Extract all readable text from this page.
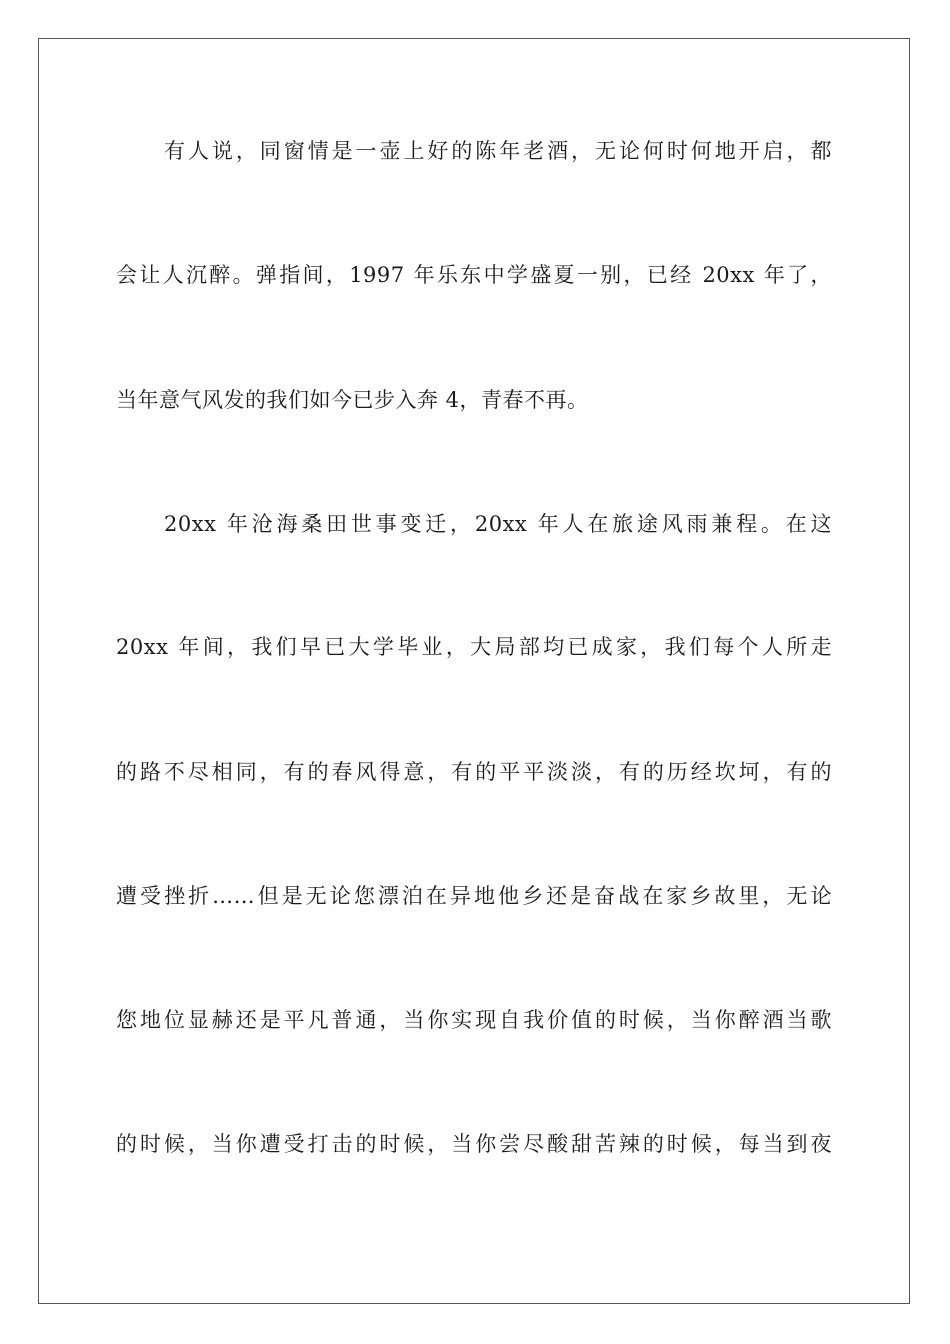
有人说，同窗情是一壶上好的陈年老酒，无论何时何地开启，都
会让人沉醉。弹指间，1997 年乐东中学盛夏一别，已经 20xx 年了，
当年意气风发的我们如今已步入奔 4，青春不再。
20xx 年沧海桑田世事变迁，20xx 年人在旅途风雨兼程。在这
20xx 年间，我们早已大学毕业，大局部均已成家，我们每个人所走
的路不尽相同，有的春风得意，有的平平淡淡，有的历经坎坷，有的
遭受挫折……但是无论您漂泊在异地他乡还是奋战在家乡故里，无论
您地位显赫还是平凡普通，当你实现自我价值的时候，当你醉酒当歌
的时候，当你遭受打击的时候，当你尝尽酸甜苦辣的时候，每当到夜
